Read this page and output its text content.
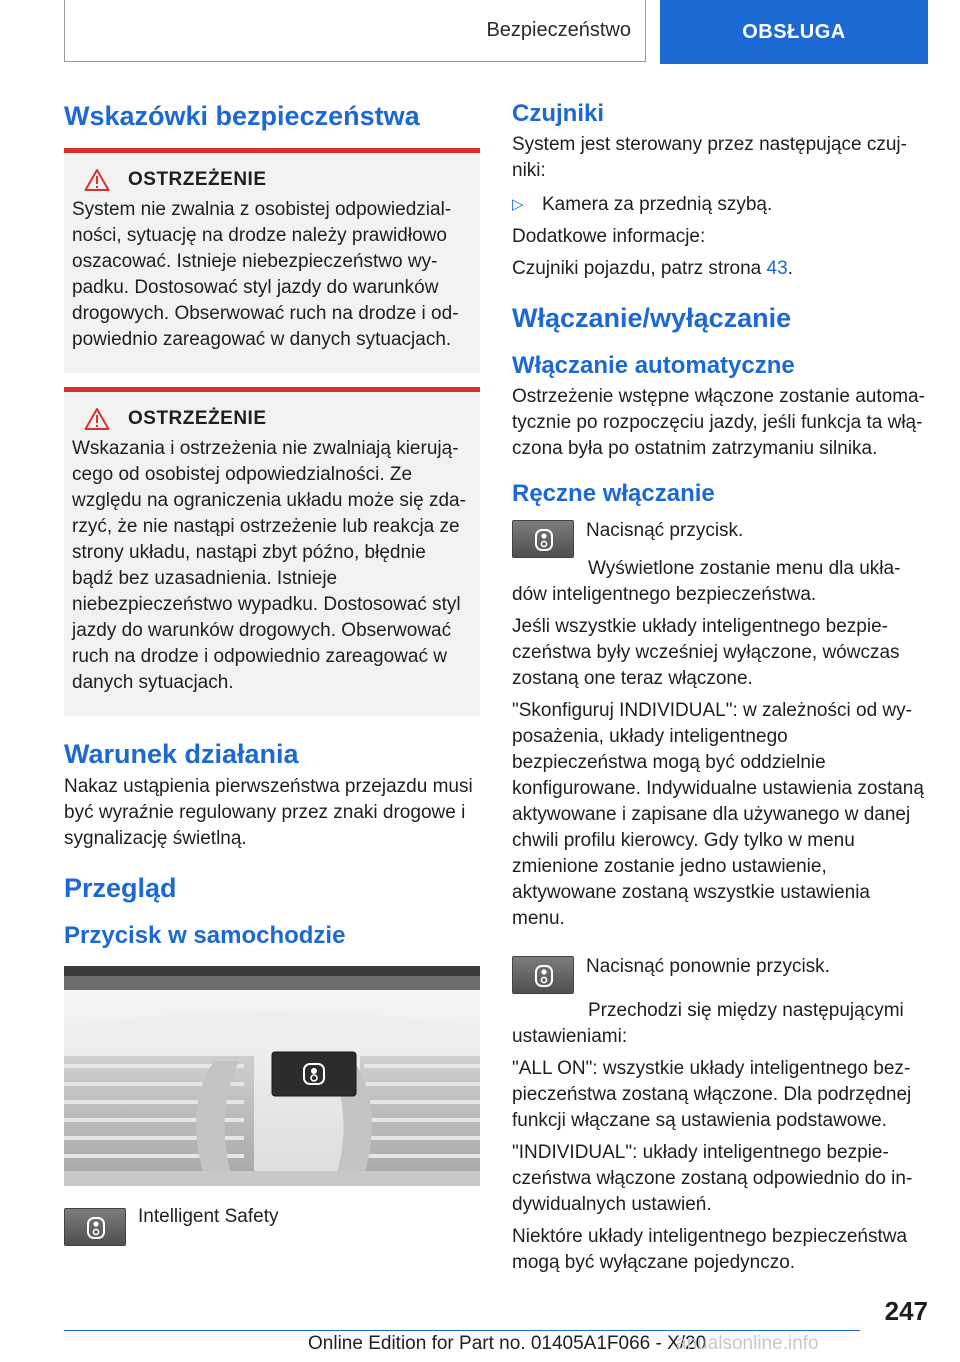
Bezpieczeństwo	OBSŁUGA
Wskazówki bezpieczeństwa
OSTRZEŻENIE

System nie zwalnia z osobistej odpowiedzialności, sytuację na drodze należy prawidłowo oszacować. Istnieje niebezpieczeństwo wypadku. Dostosować styl jazdy do warunków drogowych. Obserwować ruch na drodze i odpowiednio zareagować w danych sytuacjach.

OSTRZEŻENIE

Wskazania i ostrzeżenia nie zwalniają kierującego od osobistej odpowiedzialności. Ze względu na ograniczenia układu może się zdarzyć, że nie nastąpi ostrzeżenie lub reakcja ze strony układu, nastąpi zbyt późno, błędnie bądź bez uzasadnienia. Istnieje niebezpieczeństwo wypadku. Dostosować styl jazdy do warunków drogowych. Obserwować ruch na drodze i odpowiednio zareagować w danych sytuacjach.

Warunek działania

Nakaz ustąpienia pierwszeństwa przejazdu musi być wyraźnie regulowany przez znaki drogowe i sygnalizację świetlną.

Przegląd
Przycisk w samochodzie

Intelligent Safety

Czujniki

System jest sterowany przez następujące czujniki:

▷ Kamera za przednią szybą.

Dodatkowe informacje:

Czujniki pojazdu, patrz strona 43.

Włączanie/wyłączanie
Włączanie automatyczne

Ostrzeżenie wstępne włączone zostanie automatycznie po rozpoczęciu jazdy, jeśli funkcja ta włączona była po ostatnim zatrzymaniu silnika.

Ręczne włączanie

Nacisnąć przycisk.

Wyświetlone zostanie menu dla układów inteligentnego bezpieczeństwa.

Jeśli wszystkie układy inteligentnego bezpieczeństwa były wcześniej wyłączone, wówczas zostaną one teraz włączone.

"Skonfiguruj INDIVIDUAL": w zależności od wyposażenia, układy inteligentnego bezpieczeństwa mogą być oddzielnie konfigurowane. Indywidualne ustawienia zostaną aktywowane i zapisane dla używanego w danej chwili profilu kierowcy. Gdy tylko w menu zmienione zostanie jedno ustawienie, aktywowane zostaną wszystkie ustawienia menu.

Nacisnąć ponownie przycisk.

Przechodzi się między następującymi ustawieniami:

"ALL ON": wszystkie układy inteligentnego bezpieczeństwa zostaną włączone. Dla podrzędnej funkcji włączane są ustawienia podstawowe.

"INDIVIDUAL": układy inteligentnego bezpieczeństwa włączone zostaną odpowiednio do indywidualnych ustawień.

Niektóre układy inteligentnego bezpieczeństwa mogą być wyłączane pojedynczo.

247
Online Edition for Part no. 01405A1F066 - X/20
anualsonline.info
